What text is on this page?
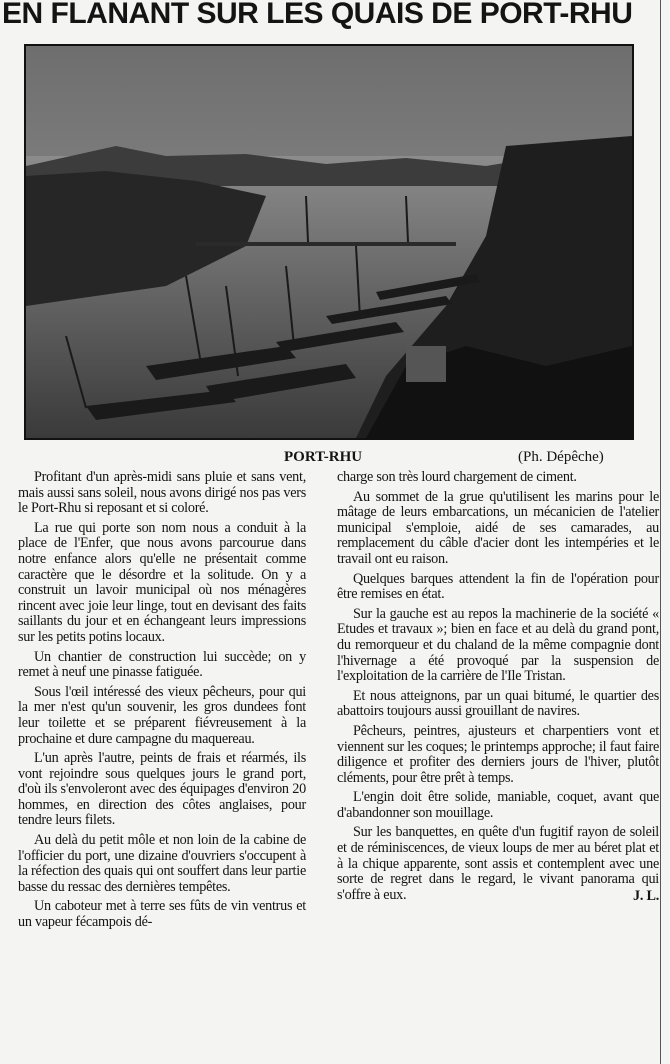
EN FLANANT SUR LES QUAIS DE PORT-RHU
PORT-RHU	(Ph. Dépêche)

Profitant d'un après-midi sans pluie et sans vent, mais aussi sans soleil, nous avons dirigé nos pas vers le Port-Rhu si reposant et si coloré.

La rue qui porte son nom nous a conduit à la place de l'Enfer, que nous avons parcourue dans notre enfance alors qu'elle ne présentait comme caractère que le désordre et la solitude. On y a construit un lavoir municipal où nos ménagères rincent avec joie leur linge, tout en devisant des faits saillants du jour et en échangeant leurs impressions sur les petits potins locaux.

Un chantier de construction lui succède; on y remet à neuf une pinasse fatiguée.

Sous l'œil intéressé des vieux pêcheurs, pour qui la mer n'est qu'un souvenir, les gros dundees font leur toilette et se préparent fiévreusement à la prochaine et dure campagne du maquereau.

L'un après l'autre, peints de frais et réarmés, ils vont rejoindre sous quelques jours le grand port, d'où ils s'envoleront avec des équipages d'environ 20 hommes, en direction des côtes anglaises, pour tendre leurs filets.

Au delà du petit môle et non loin de la cabine de l'officier du port, une dizaine d'ouvriers s'occupent à la réfection des quais qui ont souffert dans leur partie basse du ressac des dernières tempêtes.

Un caboteur met à terre ses fûts de vin ventrus et un vapeur fécampois dé-

charge son très lourd chargement de ciment.

Au sommet de la grue qu'utilisent les marins pour le mâtage de leurs embarcations, un mécanicien de l'atelier municipal s'emploie, aidé de ses camarades, au remplacement du câble d'acier dont les intempéries et le travail ont eu raison.

Quelques barques attendent la fin de l'opération pour être remises en état.

Sur la gauche est au repos la machinerie de la société « Etudes et travaux »; bien en face et au delà du grand pont, du remorqueur et du chaland de la même compagnie dont l'hivernage a été provoqué par la suspension de l'exploitation de la carrière de l'Ile Tristan.

Et nous atteignons, par un quai bitumé, le quartier des abattoirs toujours aussi grouillant de navires.

Pêcheurs, peintres, ajusteurs et charpentiers vont et viennent sur les coques; le printemps approche; il faut faire diligence et profiter des derniers jours de l'hiver, plutôt cléments, pour être prêt à temps.

L'engin doit être solide, maniable, coquet, avant que d'abandonner son mouillage.

Sur les banquettes, en quête d'un fugitif rayon de soleil et de réminiscences, de vieux loups de mer au béret plat et à la chique apparente, sont assis et contemplent avec une sorte de regret dans le regard, le vivant panorama qui s'offre à eux.	J. L.
